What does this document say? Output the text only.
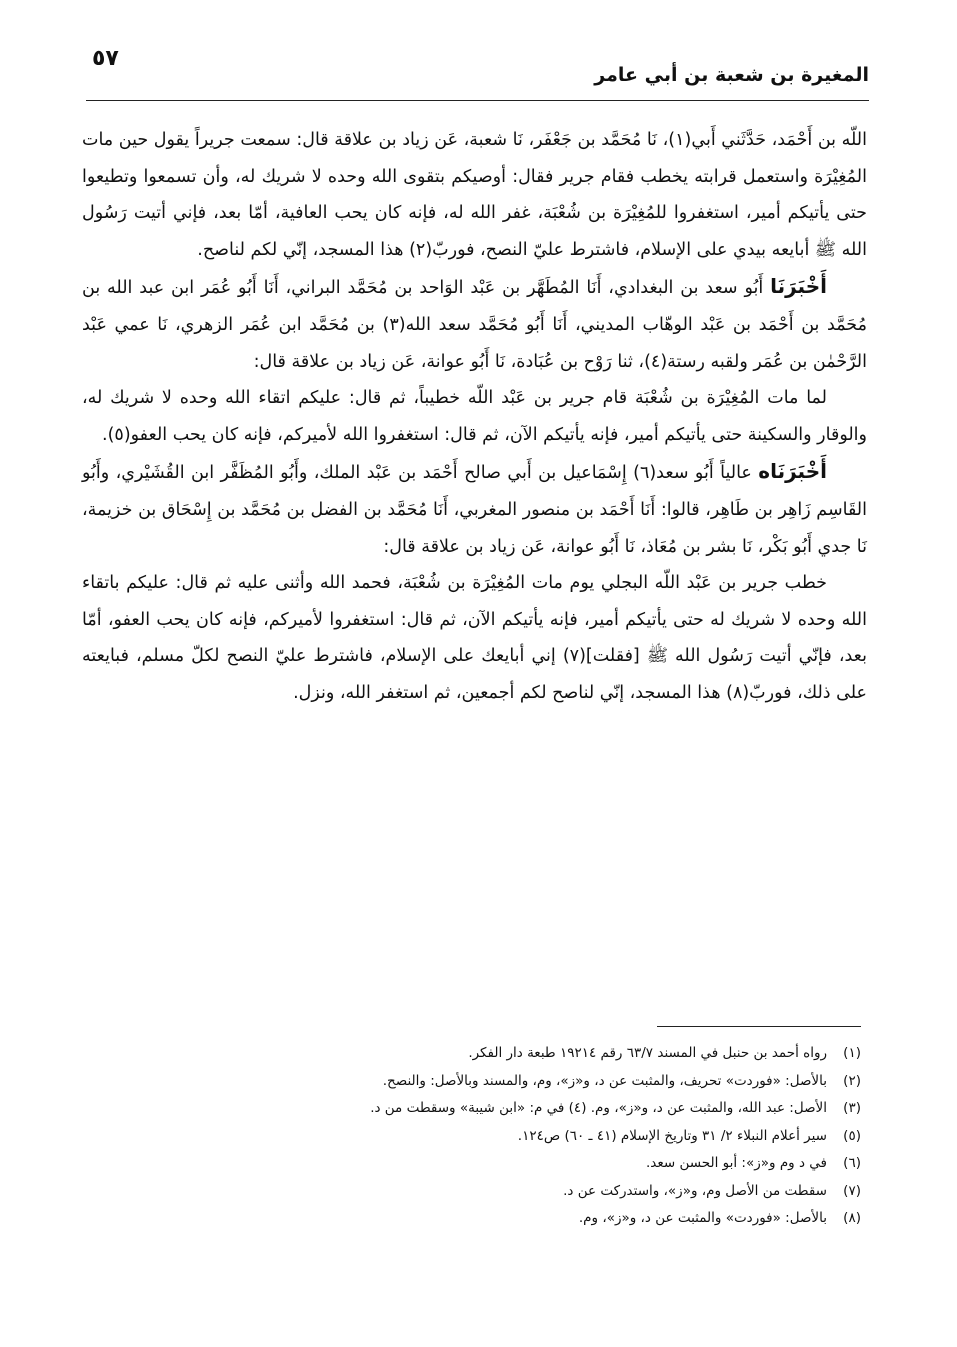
٥٧
المغيرة بن شعبة بن أبي عامر

اللّه بن أَحْمَد، حَدَّثَني أَبي(١)، نَا مُحَمَّد بن جَعْفَر، نَا شعبة، عَن زياد بن علاقة قال: سمعت جريراً يقول حين مات المُغِيْرَة واستعمل قرابته يخطب فقام جرير فقال: أوصيكم بتقوى الله وحده لا شريك له، وأن تسمعوا وتطيعوا حتى يأتيكم أمير، استغفروا للمُغِيْرَة بن شُعْبَة، غفر الله له، فإنه كان يحب العافية، أمّا بعد، فإني أتيت رَسُول الله ﷺ أبايعه بيدي على الإسلام، فاشترط عليّ النصح، فوربّ(٢) هذا المسجد، إنّي لكم لناصح.

أَخْبَرَنَا أَبُو سعد بن البغدادي، أَنَا المُطَهَّر بن عَبْد الوَاحد بن مُحَمَّد البراني، أَنَا أَبُو عُمَر ابن عبد الله بن مُحَمَّد بن أَحْمَد بن عَبْد الوهّاب المديني، أَنَا أَبُو مُحَمَّد سعد الله(٣) بن مُحَمَّد ابن عُمَر الزهري، نَا عمي عَبْد الرَّحْمٰن بن عُمَر ولقبه رستة(٤)، ثنا رَوْح بن عُبَادة، نَا أَبُو عوانة، عَن زياد بن علاقة قال:

لما مات المُغِيْرَة بن شُعْبَة قام جرير بن عَبْد اللّه خطيباً، ثم قال: عليكم اتقاء الله وحده لا شريك له، والوقار والسكينة حتى يأتيكم أمير، فإنه يأتيكم الآن، ثم قال: استغفروا الله لأميركم، فإنه كان يحب العفو(٥).

أَخْبَرَنَاه عالياً أَبُو سعد(٦) إِسْمَاعيل بن أَبي صالح أَحْمَد بن عَبْد الملك، وأَبُو المُظَفَّر ابن القُشَيْري، وأَبُو القَاسِم زَاهِر بن طَاهِر، قالوا: أَنَا أَحْمَد بن منصور المغربي، أَنَا مُحَمَّد بن الفضل بن مُحَمَّد بن إِسْحَاق بن خزيمة، نَا جدي أَبُو بَكْر، نَا بشر بن مُعَاذ، نَا أَبُو عوانة، عَن زياد بن علاقة قال:

خطب جرير بن عَبْد اللّه البجلي يوم مات المُغِيْرَة بن شُعْبَة، فحمد الله وأثنى عليه ثم قال: عليكم باتقاء الله وحده لا شريك له حتى يأتيكم أمير، فإنه يأتيكم الآن، ثم قال: استغفروا لأميركم، فإنه كان يحب العفو، أمّا بعد، فإنّي أتيت رَسُول الله ﷺ [فقلت](٧) إني أبايعك على الإسلام، فاشترط عليّ النصح لكلّ مسلم، فبايعته على ذلك، فوربّ(٨) هذا المسجد، إنّي لناصح لكم أجمعين، ثم استغفر الله، ونزل.

(١)رواه أحمد بن حنبل في المسند ٦٣/٧ رقم ١٩٢١٤ طبعة دار الفكر.
(٢)بالأصل: «فوردت» تحريف، والمثبت عن د، و«ز»، وم، والمسند وبالأصل: والنصح.
(٣)الأصل: عبد الله، والمثبت عن د، و«ز»، وم. (٤) في م: «ابن شيبة» وسقطت من د.
(٥)سير أعلام النبلاء ٢/ ٣١ وتاريخ الإسلام (٤١ ـ ٦٠) ص١٢٤.
(٦)في د وم و«ز»: أبو الحسن سعد.
(٧)سقطت من الأصل وم، و«ز»، واستدركت عن د.
(٨)بالأصل: «فوردت» والمثبت عن د، و«ز»، وم.
